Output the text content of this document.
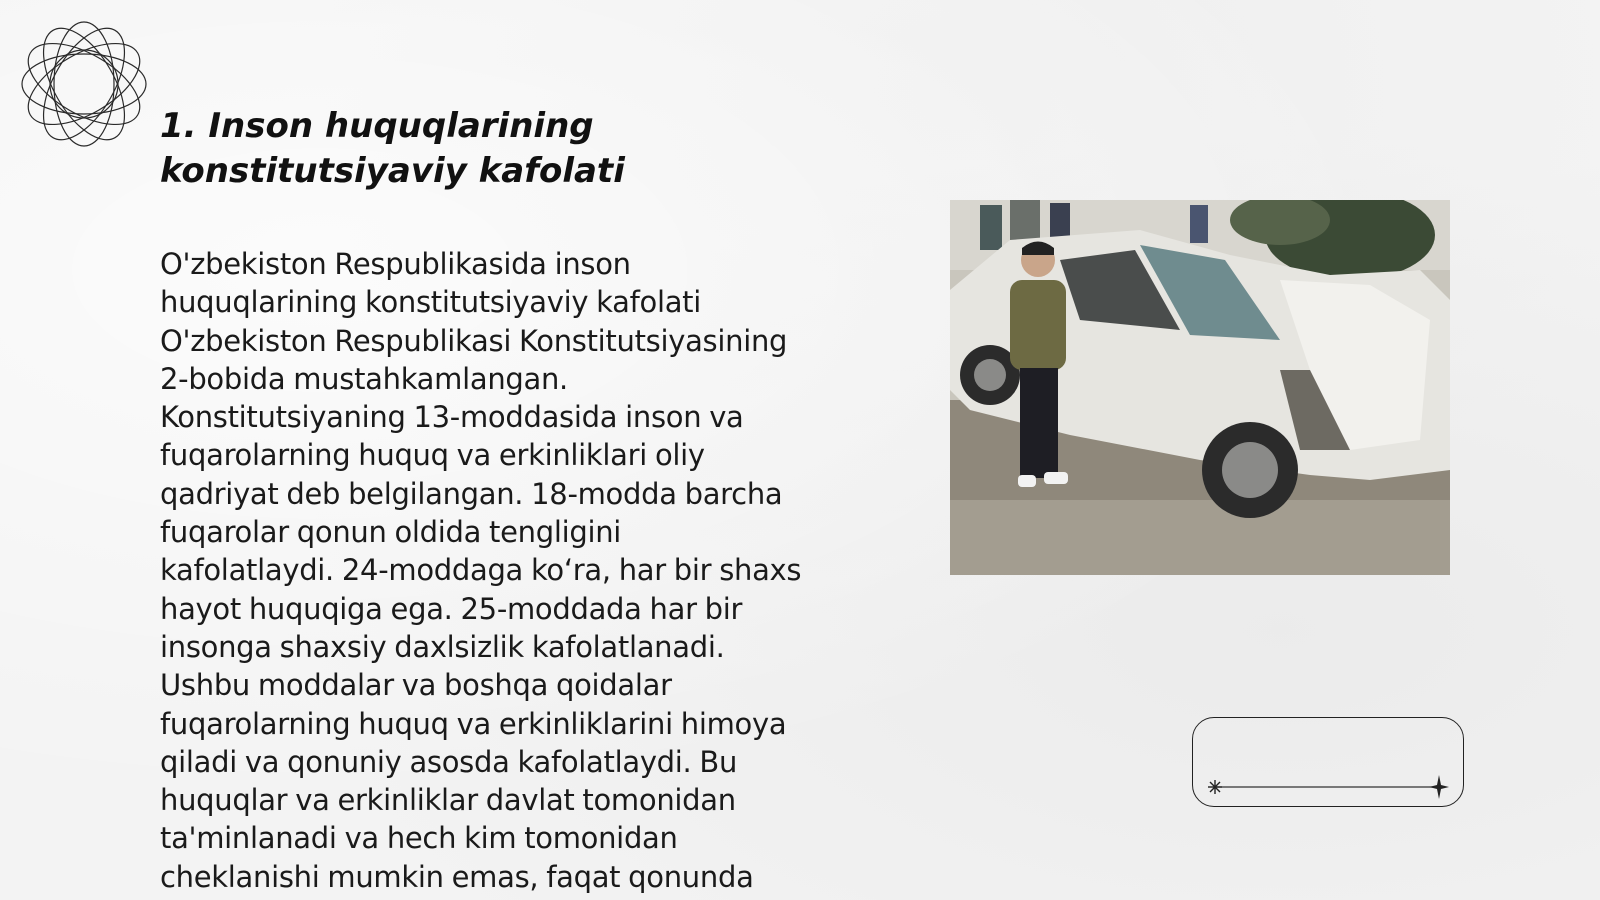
1. Inson huquqlarining
konstitutsiyaviy kafolati

O'zbekiston Respublikasida inson
huquqlarining konstitutsiyaviy kafolati
O'zbekiston Respublikasi Konstitutsiyasining
2-bobida mustahkamlangan.
Konstitutsiyaning 13-moddasida inson va
fuqarolarning huquq va erkinliklari oliy
qadriyat deb belgilangan. 18-modda barcha
fuqarolar qonun oldida tengligini
kafolatlaydi. 24-moddaga ko‘ra, har bir shaxs
hayot huquqiga ega. 25-moddada har bir
insonga shaxsiy daxlsizlik kafolatlanadi.
Ushbu moddalar va boshqa qoidalar
fuqarolarning huquq va erkinliklarini himoya
qiladi va qonuniy asosda kafolatlaydi. Bu
huquqlar va erkinliklar davlat tomonidan
ta'minlanadi va hech kim tomonidan
cheklanishi mumkin emas, faqat qonunda
